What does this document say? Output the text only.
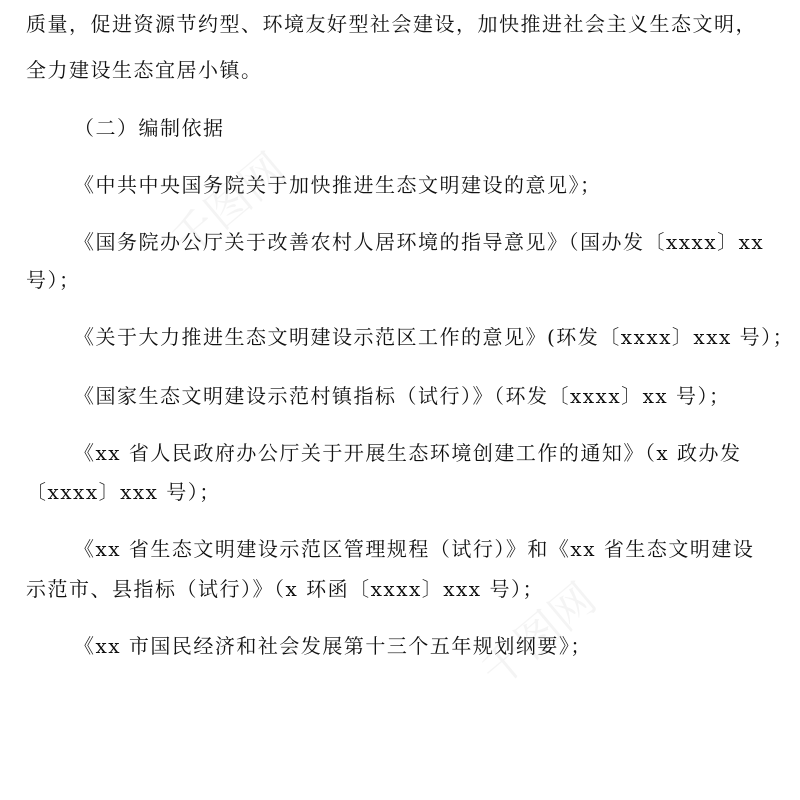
质量，促进资源节约型、环境友好型社会建设，加快推进社会主义生态文明，
全力建设生态宜居小镇。
（二）编制依据
《中共中央国务院关于加快推进生态文明建设的意见》；
《国务院办公厅关于改善农村人居环境的指导意见》（国办发〔xxxx〕xx
号）；
《关于大力推进生态文明建设示范区工作的意见》(环发〔xxxx〕xxx 号）；
《国家生态文明建设示范村镇指标（试行）》（环发〔xxxx〕xx 号）；
《xx 省人民政府办公厅关于开展生态环境创建工作的通知》（x 政办发
〔xxxx〕xxx 号）；
《xx 省生态文明建设示范区管理规程（试行）》和《xx 省生态文明建设
示范市、县指标（试行）》（x 环函〔xxxx〕xxx 号）；
《xx 市国民经济和社会发展第十三个五年规划纲要》；
千图网
千图网
